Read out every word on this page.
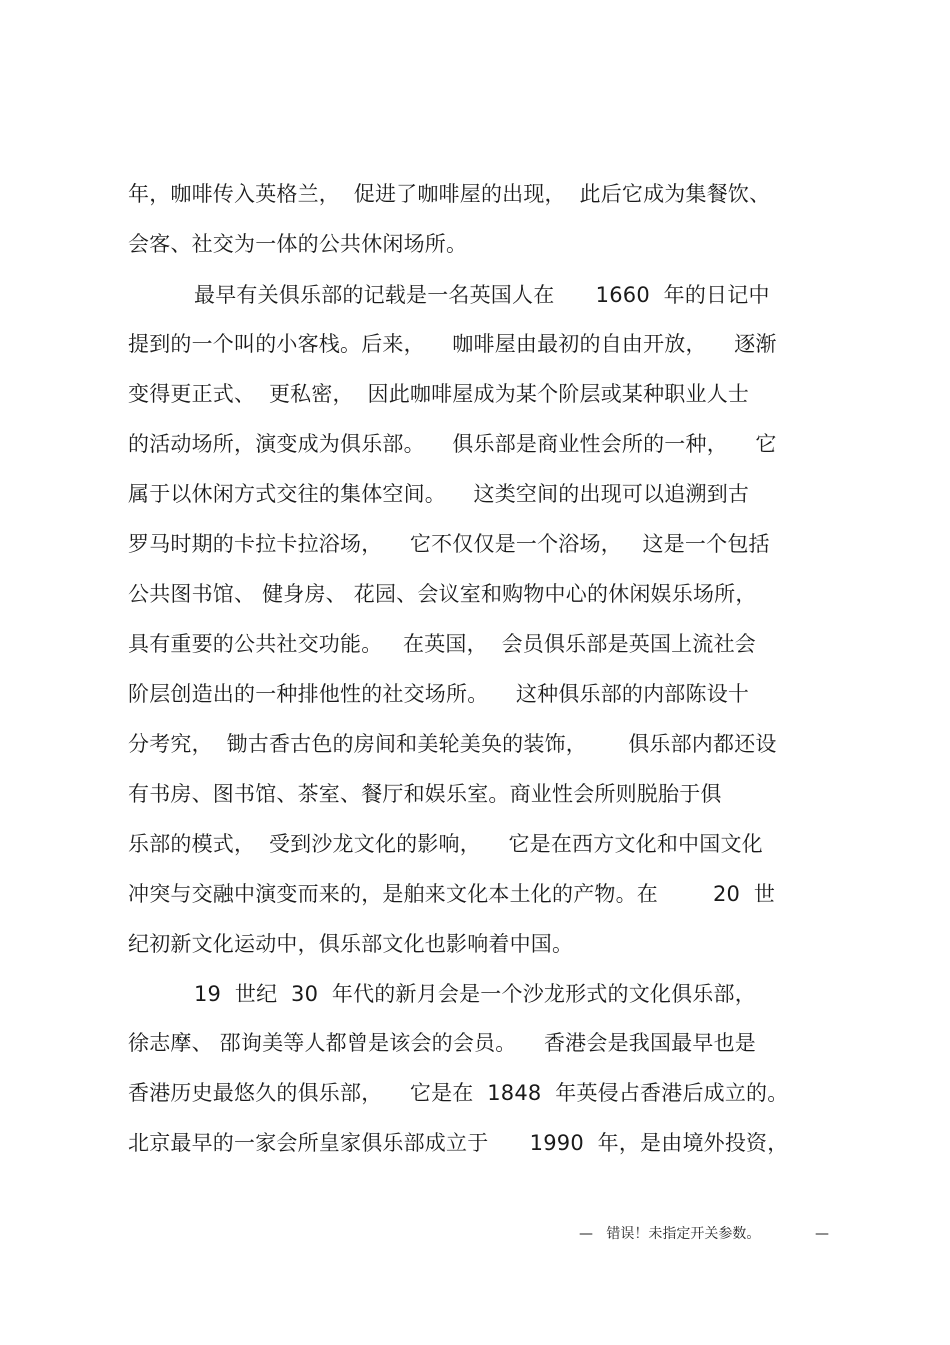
年，咖啡传入英格兰，  促进了咖啡屋的出现，  此后它成为集餐饮、
会客、社交为一体的公共休闲场所。
最早有关俱乐部的记载是一名英国人在      1660  年的日记中
提到的一个叫的小客栈。后来，    咖啡屋由最初的自由开放，    逐渐
变得更正式、  更私密，  因此咖啡屋成为某个阶层或某种职业人士
的活动场所，演变成为俱乐部。    俱乐部是商业性会所的一种，    它
属于以休闲方式交往的集体空间。    这类空间的出现可以追溯到古
罗马时期的卡拉卡拉浴场，    它不仅仅是一个浴场，   这是一个包括
公共图书馆、 健身房、 花园、会议室和购物中心的休闲娱乐场所，
具有重要的公共社交功能。   在英国，  会员俱乐部是英国上流社会
阶层创造出的一种排他性的社交场所。    这种俱乐部的内部陈设十
分考究，  锄古香古色的房间和美轮美奂的装饰，      俱乐部内都还设
有书房、图书馆、茶室、餐厅和娱乐室。商业性会所则脱胎于俱
乐部的模式，  受到沙龙文化的影响，    它是在西方文化和中国文化
冲突与交融中演变而来的，是舶来文化本土化的产物。在        20  世
纪初新文化运动中，俱乐部文化也影响着中国。
19  世纪  30  年代的新月会是一个沙龙形式的文化俱乐部，
徐志摩、 邵询美等人都曾是该会的会员。    香港会是我国最早也是
香港历史最悠久的俱乐部，    它是在  1848  年英侵占香港后成立的。
北京最早的一家会所皇家俱乐部成立于      1990  年，是由境外投资，
—   错误！未指定开关参数。	—
